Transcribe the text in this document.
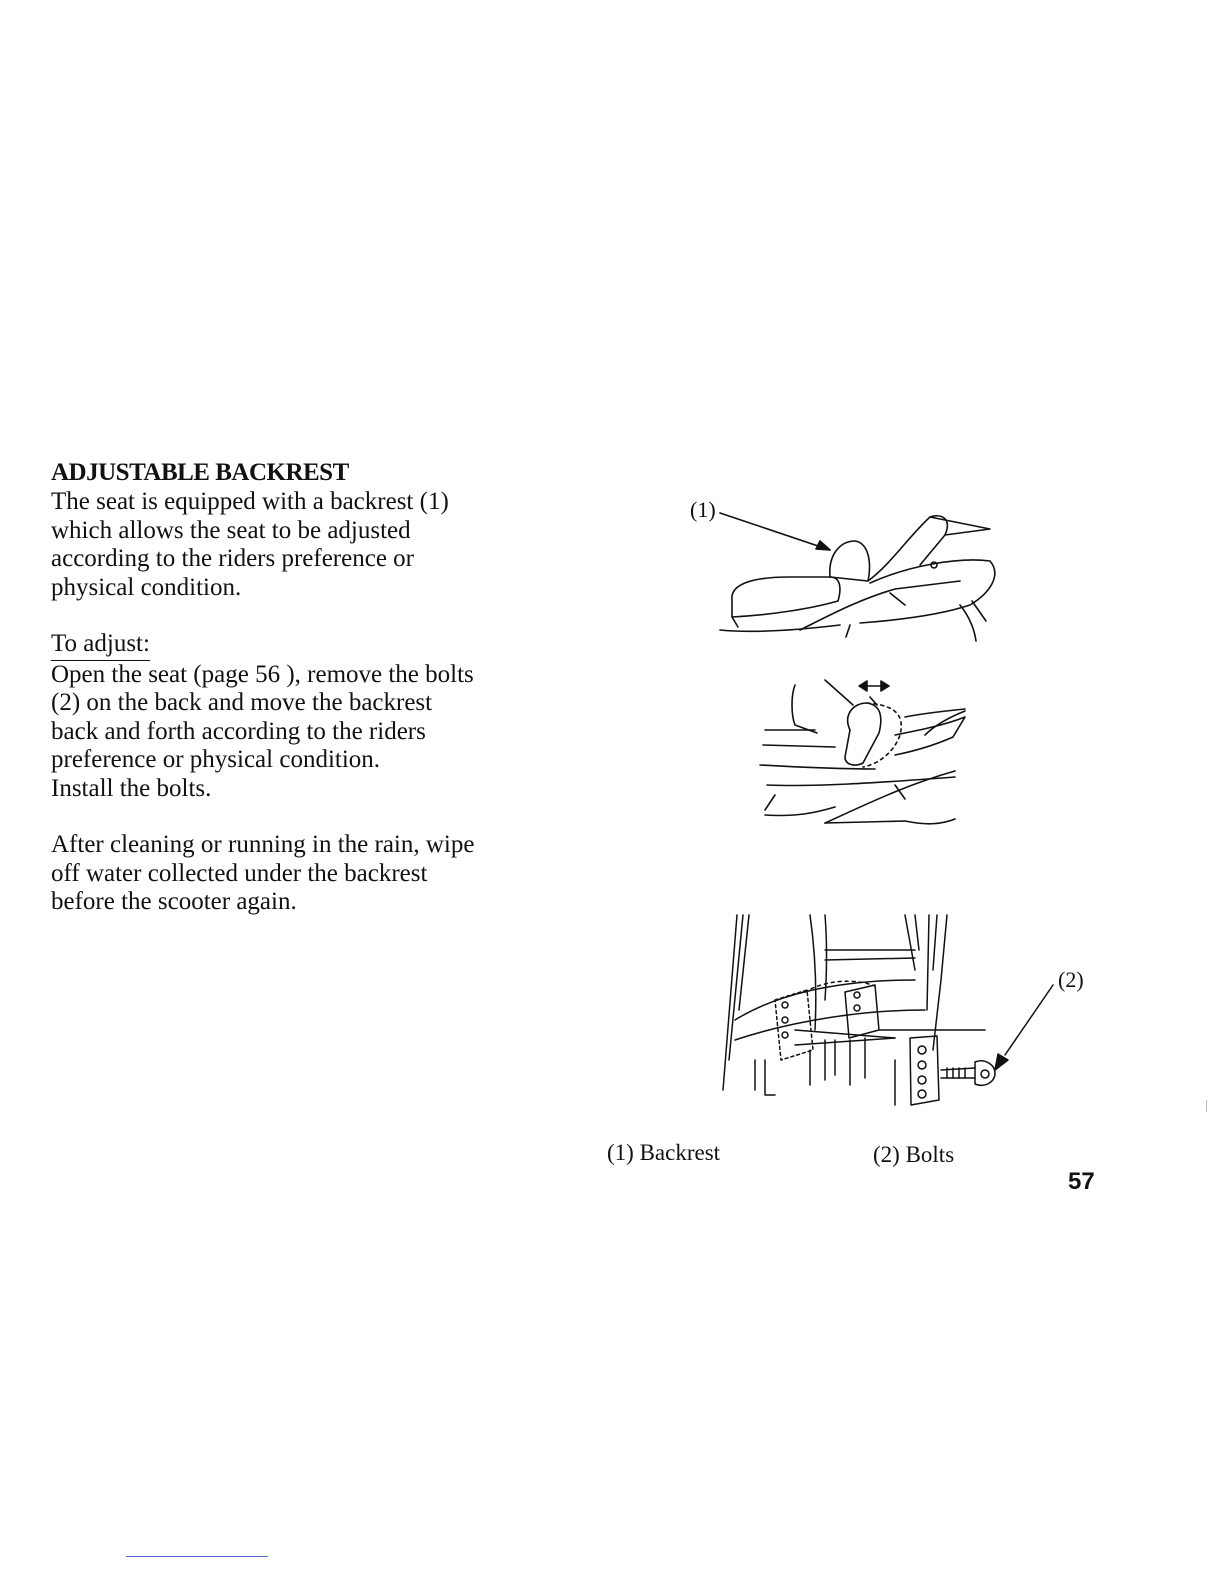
ADJUSTABLE BACKREST

The seat is equipped with a backrest (1)

which allows the seat to be adjusted

according to the riders preference or

physical condition.

To adjust:

Open the seat (page 56 ), remove the bolts

(2) on the back and move the backrest

back and forth according to the riders

preference or physical condition.

Install the bolts.

After cleaning or running in the rain, wipe

off water collected under the backrest

before the scooter again.

(1)
(2)
(1) Backrest	(2) Bolts
57
